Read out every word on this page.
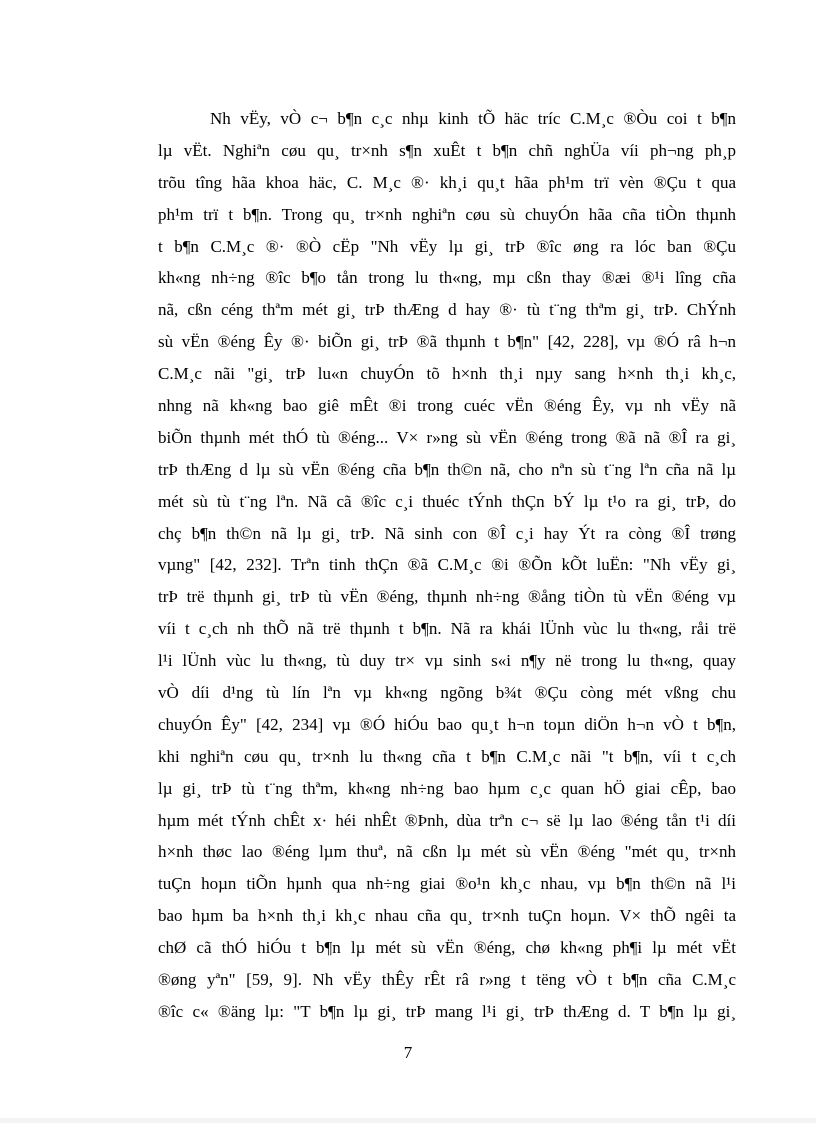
Nh vËy, vÒ c¬ b¶n c¸c nhµ kinh tÕ häc tríc C.M¸c ®Òu coi t b¶n
lµ vËt. Nghiªn cøu qu¸ tr×nh s¶n xuÊt t b¶n chñ nghÜa víi ph¬ng ph¸p
trõu tîng hãa khoa häc, C. M¸c ®· kh¸i qu¸t hãa ph¹m trï vèn ®Çu t qua
ph¹m trï t b¶n. Trong qu¸ tr×nh nghiªn cøu sù chuyÓn hãa cña tiÒn thµnh
t b¶n C.M¸c ®· ®Ò cËp "Nh vËy lµ gi¸ trÞ ®îc øng ra lóc ban ®Çu
kh«ng nh÷ng ®îc b¶o tån trong lu th«ng, mµ cßn thay ®æi ®¹i lîng cña
nã, cßn céng thªm mét gi¸ trÞ thÆng d hay ®· tù t¨ng thªm gi¸ trÞ. ChÝnh
sù vËn ®éng Êy ®· biÕn gi¸ trÞ ®ã thµnh t b¶n" [42, 228], vµ ®Ó râ h¬n
C.M¸c nãi "gi¸ trÞ lu«n chuyÓn tõ h×nh th¸i nµy sang h×nh th¸i kh¸c,
nhng nã kh«ng bao giê mÊt ®i trong cuéc vËn ®éng Êy, vµ nh vËy nã
biÕn thµnh mét thÓ tù ®éng... V× r»ng sù vËn ®éng trong ®ã nã ®Î ra gi¸
trÞ thÆng d lµ sù vËn ®éng cña b¶n th©n nã, cho nªn sù t¨ng lªn cña nã lµ
mét sù tù t¨ng lªn. Nã cã ®îc c¸i thuéc tÝnh thÇn bÝ lµ t¹o ra gi¸ trÞ, do
chç b¶n th©n nã lµ gi¸ trÞ. Nã sinh con ®Î c¸i hay Ýt ra còng ®Î trøng
vµng" [42, 232]. Trªn tinh thÇn ®ã C.M¸c ®i ®Õn kÕt luËn: "Nh vËy gi¸
trÞ trë thµnh gi¸ trÞ tù vËn ®éng, thµnh nh÷ng ®ång tiÒn tù vËn ®éng vµ
víi t c¸ch nh thÕ nã trë thµnh t b¶n. Nã ra khái lÜnh vùc lu th«ng, råi trë
l¹i lÜnh vùc lu th«ng, tù duy tr× vµ sinh s«i n¶y në trong lu th«ng, quay
vÒ díi d¹ng tù lín lªn vµ kh«ng ngõng b¾t ®Çu còng mét vßng chu
chuyÓn Êy" [42, 234] vµ ®Ó hiÓu bao qu¸t h¬n toµn diÖn h¬n vÒ t b¶n,
khi nghiªn cøu qu¸ tr×nh lu th«ng cña t b¶n C.M¸c nãi "t b¶n, víi t c¸ch
lµ gi¸ trÞ tù t¨ng thªm, kh«ng nh÷ng bao hµm c¸c quan hÖ giai cÊp, bao
hµm mét tÝnh chÊt x· héi nhÊt ®Þnh, dùa trªn c¬ së lµ lao ®éng tån t¹i díi
h×nh thøc lao ®éng lµm thuª, nã cßn lµ mét sù vËn ®éng "mét qu¸ tr×nh
tuÇn hoµn tiÕn hµnh qua nh÷ng giai ®o¹n kh¸c nhau, vµ b¶n th©n nã l¹i
bao hµm ba h×nh th¸i kh¸c nhau cña qu¸ tr×nh tuÇn hoµn. V× thÕ ngêi ta
chØ cã thÓ hiÓu t b¶n lµ mét sù vËn ®éng, chø kh«ng ph¶i lµ mét vËt
®øng yªn" [59, 9]. Nh vËy thÊy rÊt râ r»ng t tëng vÒ t b¶n cña C.M¸c
®îc c« ®äng lµ: "T b¶n lµ gi¸ trÞ mang l¹i gi¸ trÞ thÆng d. T b¶n lµ gi¸
7
